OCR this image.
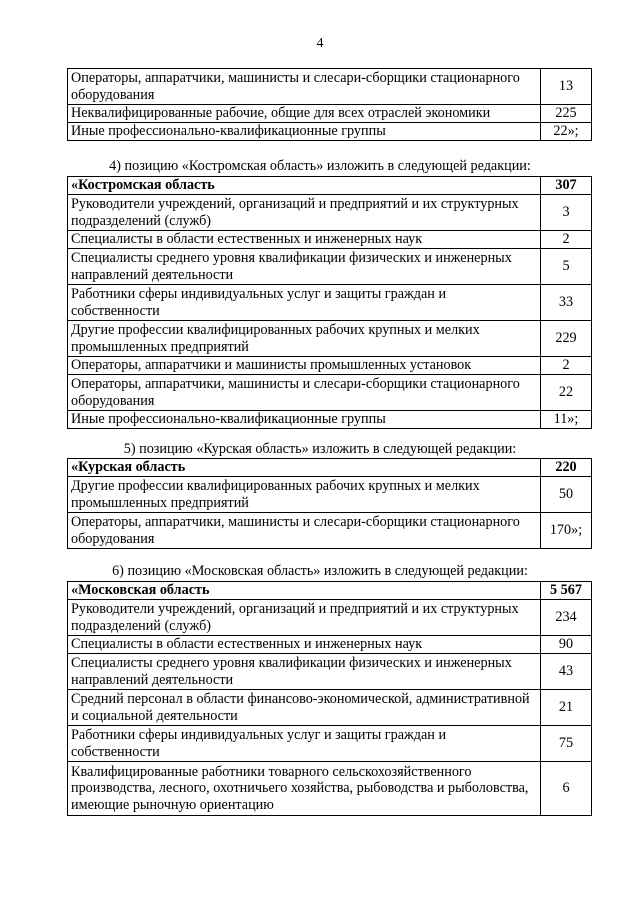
4
Операторы, аппаратчики, машинисты и слесари-сборщики стационарного оборудования	13
Неквалифицированные рабочие, общие для всех отраслей экономики	225
Иные профессионально-квалификационные группы	22»;
4) позицию «Костромская область» изложить в следующей редакции:
«Костромская область	307
Руководители учреждений, организаций и предприятий и их структурных подразделений (служб)	3
Специалисты в области естественных и инженерных наук	2
Специалисты среднего уровня квалификации физических и инженерных направлений деятельности	5
Работники сферы индивидуальных услуг и защиты граждан и собственности	33
Другие профессии квалифицированных рабочих крупных и мелких промышленных предприятий	229
Операторы, аппаратчики и машинисты промышленных установок	2
Операторы, аппаратчики, машинисты и слесари-сборщики стационарного оборудования	22
Иные профессионально-квалификационные группы	11»;
5) позицию «Курская область» изложить в следующей редакции:
«Курская область	220
Другие профессии квалифицированных рабочих крупных и мелких промышленных предприятий	50
Операторы, аппаратчики, машинисты и слесари-сборщики стационарного оборудования	170»;
6) позицию «Московская область» изложить в следующей редакции:
«Московская область	5 567
Руководители учреждений, организаций и предприятий и их структурных подразделений (служб)	234
Специалисты в области естественных и инженерных наук	90
Специалисты среднего уровня квалификации физических и инженерных направлений деятельности	43
Средний персонал в области финансово-экономической, административной и социальной деятельности	21
Работники сферы индивидуальных услуг и защиты граждан и собственности	75
Квалифицированные работники товарного сельскохозяйственного производства, лесного, охотничьего хозяйства, рыбоводства и рыболовства, имеющие рыночную ориентацию	6
